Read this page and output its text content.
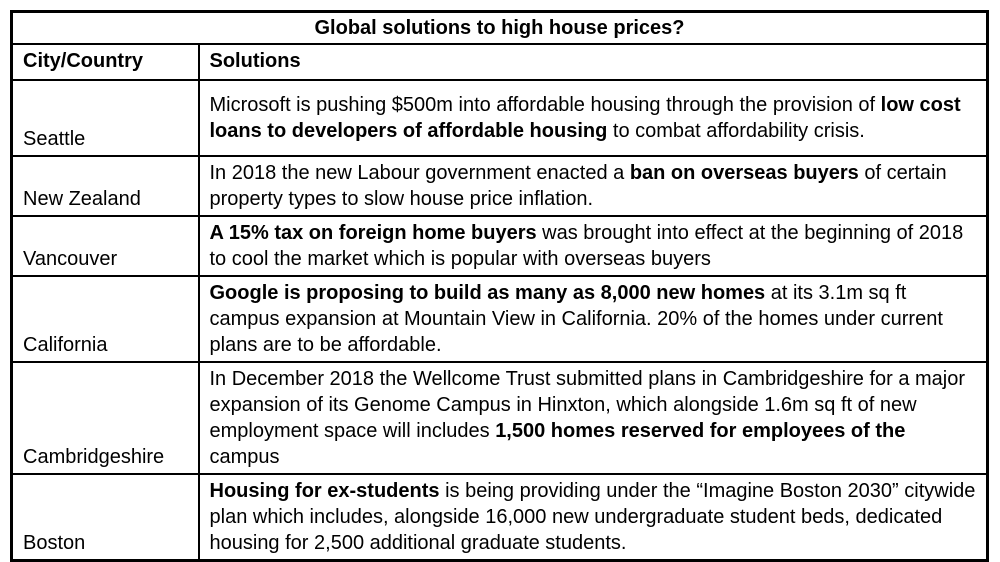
Global solutions to high house prices?	
City/Country	Solutions
Seattle	Microsoft is pushing $500m into affordable housing through the provision of low cost loans to developers of affordable housing to combat affordability crisis.
New Zealand	In 2018 the new Labour government enacted a ban on overseas buyers of certain property types to slow house price inflation.
Vancouver	A 15% tax on foreign home buyers was brought into effect at the beginning of 2018 to cool the market which is popular with overseas buyers
California	Google is proposing to build as many as 8,000 new homes at its 3.1m sq ft campus expansion at Mountain View in California. 20% of the homes under current plans are to be affordable.
Cambridgeshire	In December 2018 the Wellcome Trust submitted plans in Cambridgeshire for a major expansion of its Genome Campus in Hinxton, which alongside 1.6m sq ft of new employment space will includes 1,500 homes reserved for employees of the campus
Boston	Housing for ex-students is being providing under the “Imagine Boston 2030” citywide plan which includes, alongside 16,000 new undergraduate student beds, dedicated housing for 2,500 additional graduate students.
